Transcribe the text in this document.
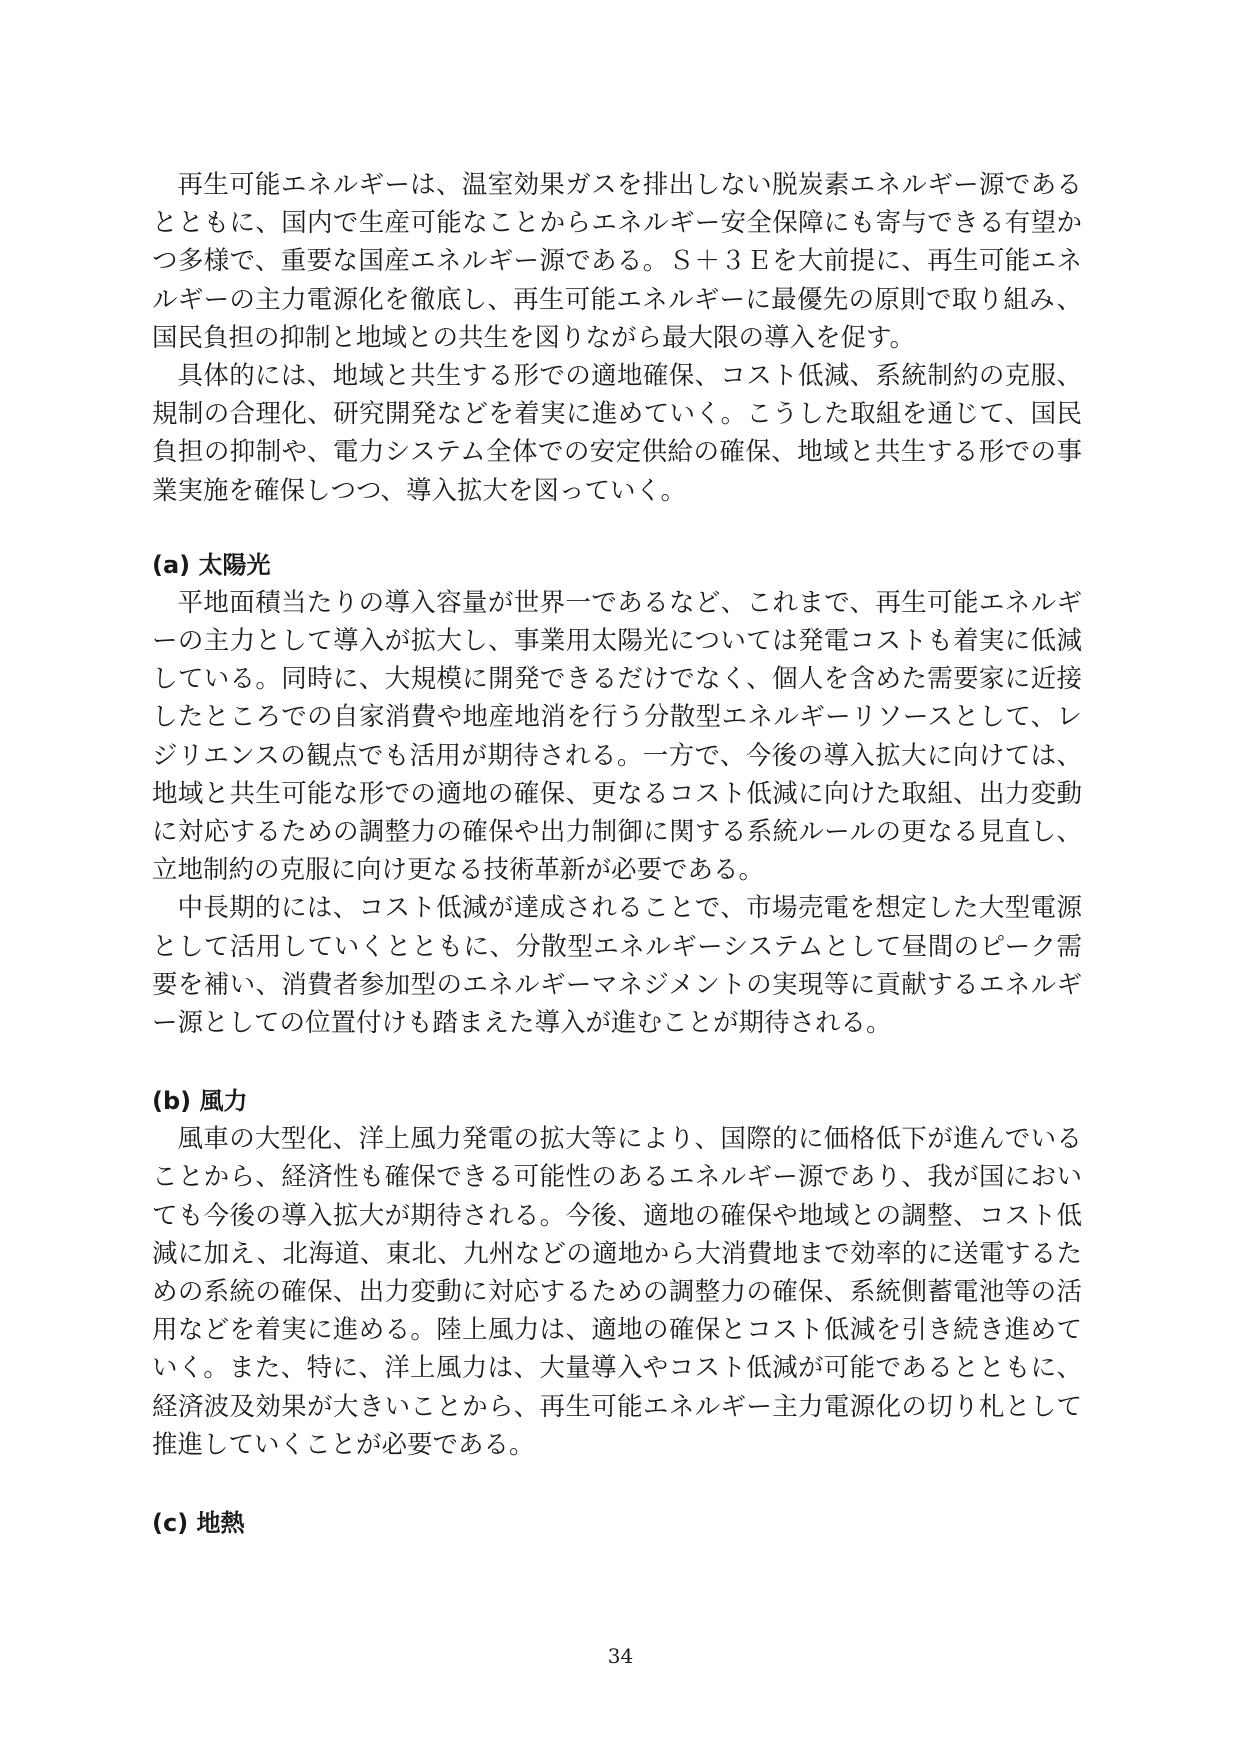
再生可能エネルギーは、温室効果ガスを排出しない脱炭素エネルギー源であるとともに、国内で生産可能なことからエネルギー安全保障にも寄与できる有望かつ多様で、重要な国産エネルギー源である。Ｓ＋３Ｅを大前提に、再生可能エネルギーの主力電源化を徹底し、再生可能エネルギーに最優先の原則で取り組み、国民負担の抑制と地域との共生を図りながら最大限の導入を促す。

具体的には、地域と共生する形での適地確保、コスト低減、系統制約の克服、規制の合理化、研究開発などを着実に進めていく。こうした取組を通じて、国民負担の抑制や、電力システム全体での安定供給の確保、地域と共生する形での事業実施を確保しつつ、導入拡大を図っていく。

(a) 太陽光

平地面積当たりの導入容量が世界一であるなど、これまで、再生可能エネルギーの主力として導入が拡大し、事業用太陽光については発電コストも着実に低減している。同時に、大規模に開発できるだけでなく、個人を含めた需要家に近接したところでの自家消費や地産地消を行う分散型エネルギーリソースとして、レジリエンスの観点でも活用が期待される。一方で、今後の導入拡大に向けては、地域と共生可能な形での適地の確保、更なるコスト低減に向けた取組、出力変動に対応するための調整力の確保や出力制御に関する系統ルールの更なる見直し、立地制約の克服に向け更なる技術革新が必要である。

中長期的には、コスト低減が達成されることで、市場売電を想定した大型電源として活用していくとともに、分散型エネルギーシステムとして昼間のピーク需要を補い、消費者参加型のエネルギーマネジメントの実現等に貢献するエネルギー源としての位置付けも踏まえた導入が進むことが期待される。

(b) 風力

風車の大型化、洋上風力発電の拡大等により、国際的に価格低下が進んでいることから、経済性も確保できる可能性のあるエネルギー源であり、我が国においても今後の導入拡大が期待される。今後、適地の確保や地域との調整、コスト低減に加え、北海道、東北、九州などの適地から大消費地まで効率的に送電するための系統の確保、出力変動に対応するための調整力の確保、系統側蓄電池等の活用などを着実に進める。陸上風力は、適地の確保とコスト低減を引き続き進めていく。また、特に、洋上風力は、大量導入やコスト低減が可能であるとともに、経済波及効果が大きいことから、再生可能エネルギー主力電源化の切り札として推進していくことが必要である。

(c) 地熱
34
